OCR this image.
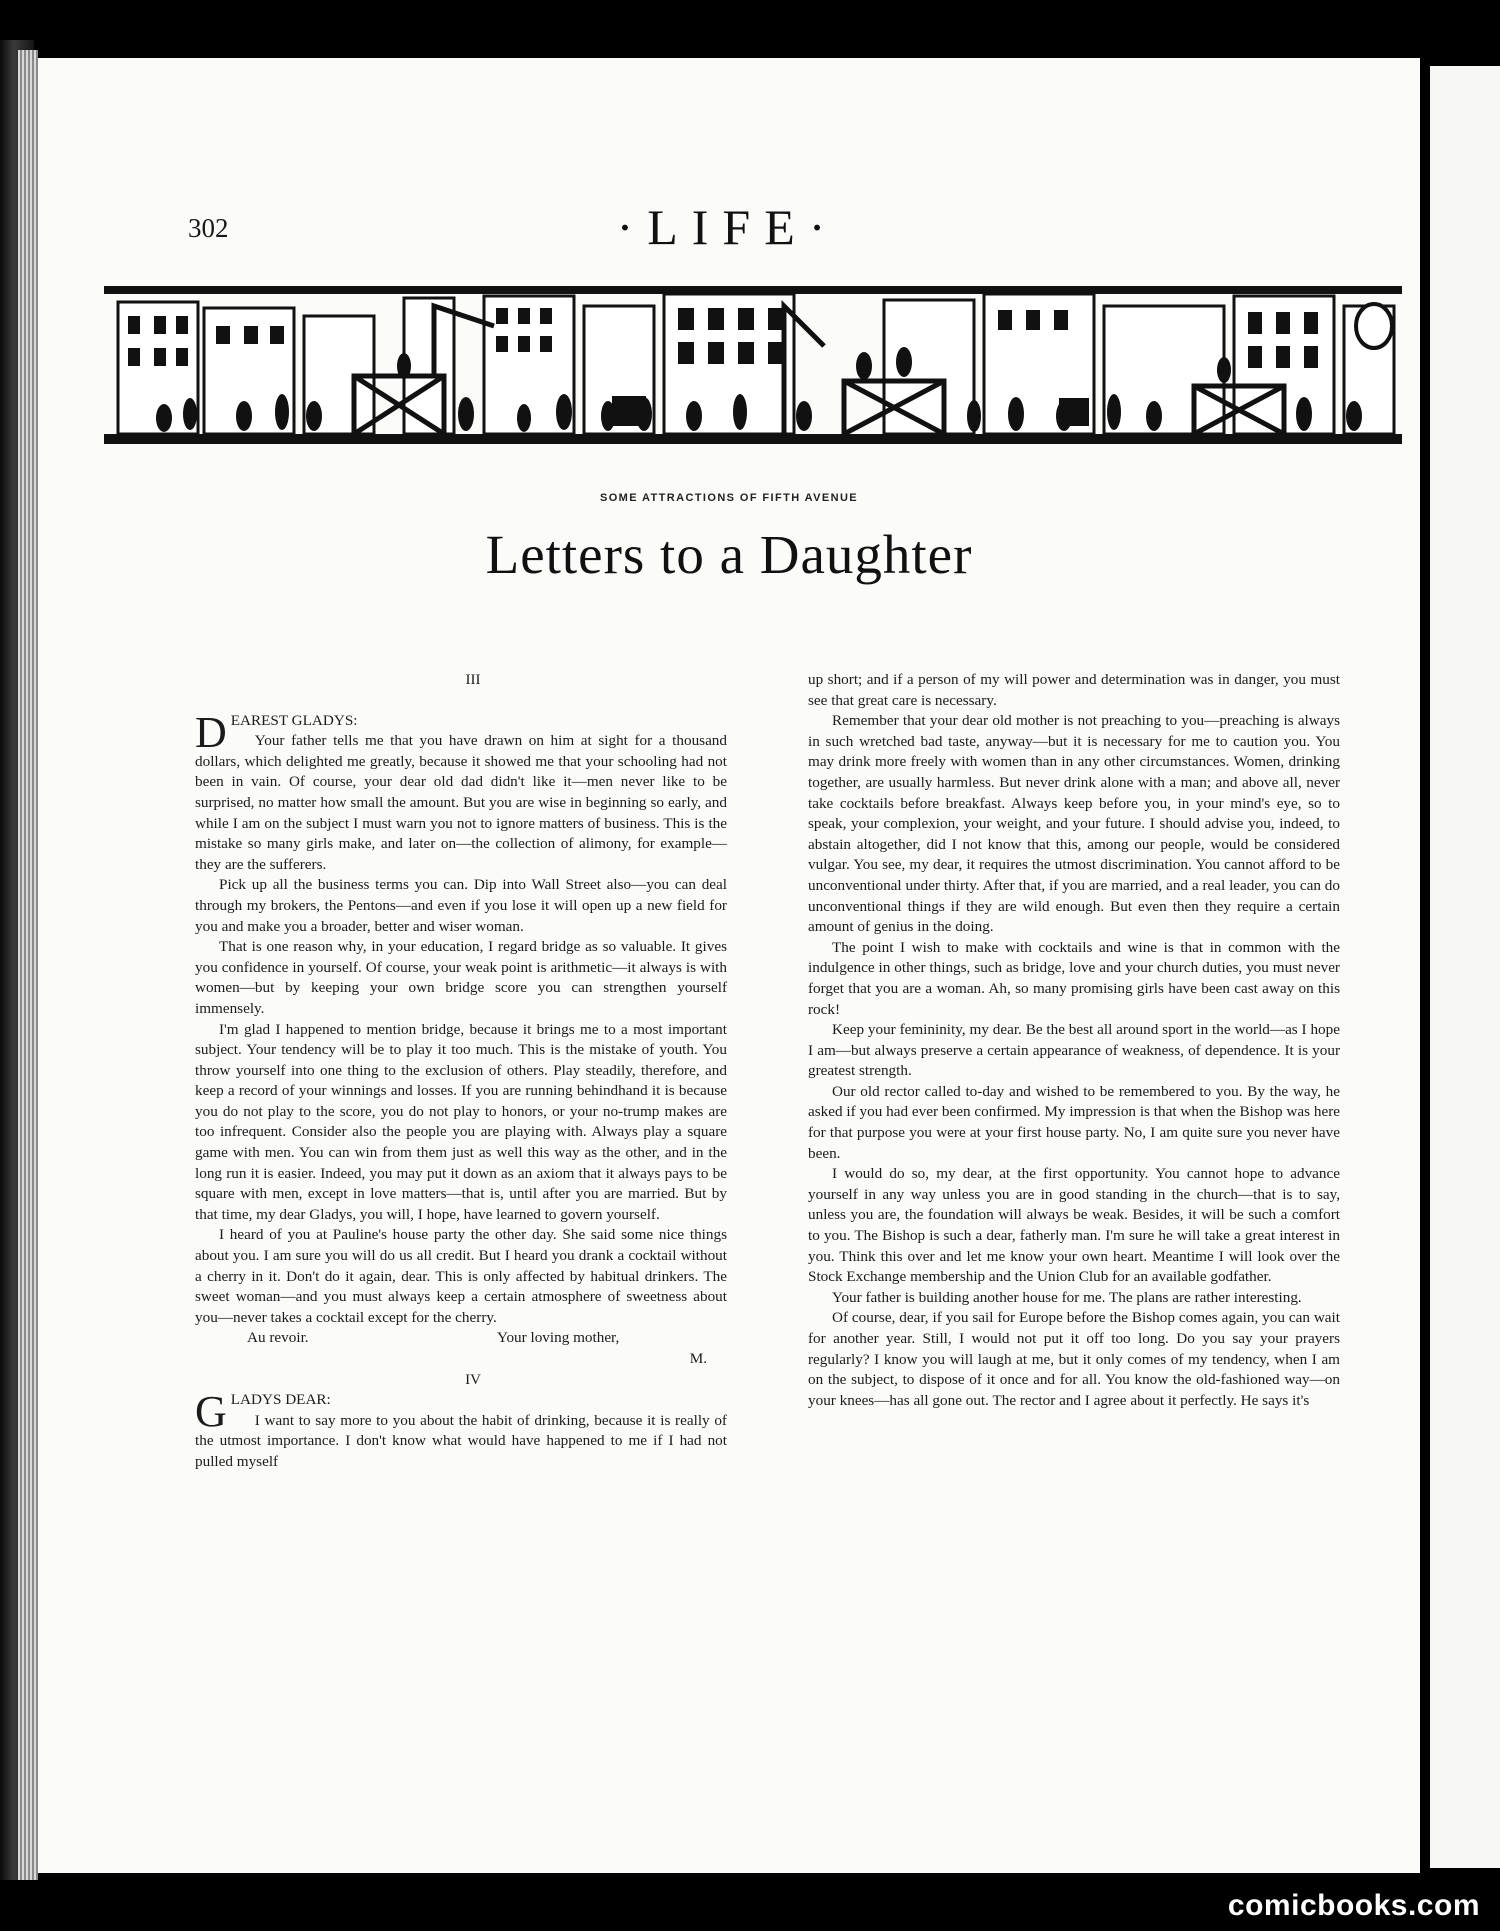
302	·LIFE·
SOME ATTRACTIONS OF FIFTH AVENUE
Letters to a Daughter

III

DEAREST GLADYS:

Your father tells me that you have drawn on him at sight for a thousand dollars, which delighted me greatly, because it showed me that your schooling had not been in vain. Of course, your dear old dad didn't like it—men never like to be surprised, no matter how small the amount. But you are wise in beginning so early, and while I am on the subject I must warn you not to ignore matters of business. This is the mistake so many girls make, and later on—the collection of alimony, for example—they are the sufferers.

Pick up all the business terms you can. Dip into Wall Street also—you can deal through my brokers, the Pentons—and even if you lose it will open up a new field for you and make you a broader, better and wiser woman.

That is one reason why, in your education, I regard bridge as so valuable. It gives you confidence in yourself. Of course, your weak point is arithmetic—it always is with women—but by keeping your own bridge score you can strengthen yourself immensely.

I'm glad I happened to mention bridge, because it brings me to a most important subject. Your tendency will be to play it too much. This is the mistake of youth. You throw yourself into one thing to the exclusion of others. Play steadily, therefore, and keep a record of your winnings and losses. If you are running behindhand it is because you do not play to the score, you do not play to honors, or your no-trump makes are too infrequent. Consider also the people you are playing with. Always play a square game with men. You can win from them just as well this way as the other, and in the long run it is easier. Indeed, you may put it down as an axiom that it always pays to be square with men, except in love matters—that is, until after you are married. But by that time, my dear Gladys, you will, I hope, have learned to govern yourself.

I heard of you at Pauline's house party the other day. She said some nice things about you. I am sure you will do us all credit. But I heard you drank a cocktail without a cherry in it. Don't do it again, dear. This is only affected by habitual drinkers. The sweet woman—and you must always keep a certain atmosphere of sweetness about you—never takes a cocktail except for the cherry.

Au revoir.	Your loving mother,

M.

IV

GLADYS DEAR:

I want to say more to you about the habit of drinking, because it is really of the utmost importance. I don't know what would have happened to me if I had not pulled myself

up short; and if a person of my will power and determination was in danger, you must see that great care is necessary.

Remember that your dear old mother is not preaching to you—preaching is always in such wretched bad taste, anyway—but it is necessary for me to caution you. You may drink more freely with women than in any other circumstances. Women, drinking together, are usually harmless. But never drink alone with a man; and above all, never take cocktails before breakfast. Always keep before you, in your mind's eye, so to speak, your complexion, your weight, and your future. I should advise you, indeed, to abstain altogether, did I not know that this, among our people, would be considered vulgar. You see, my dear, it requires the utmost discrimination. You cannot afford to be unconventional under thirty. After that, if you are married, and a real leader, you can do unconventional things if they are wild enough. But even then they require a certain amount of genius in the doing.

The point I wish to make with cocktails and wine is that in common with the indulgence in other things, such as bridge, love and your church duties, you must never forget that you are a woman. Ah, so many promising girls have been cast away on this rock!

Keep your femininity, my dear. Be the best all around sport in the world—as I hope I am—but always preserve a certain appearance of weakness, of dependence. It is your greatest strength.

Our old rector called to-day and wished to be remembered to you. By the way, he asked if you had ever been confirmed. My impression is that when the Bishop was here for that purpose you were at your first house party. No, I am quite sure you never have been.

I would do so, my dear, at the first opportunity. You cannot hope to advance yourself in any way unless you are in good standing in the church—that is to say, unless you are, the foundation will always be weak. Besides, it will be such a comfort to you. The Bishop is such a dear, fatherly man. I'm sure he will take a great interest in you. Think this over and let me know your own heart. Meantime I will look over the Stock Exchange membership and the Union Club for an available godfather.

Your father is building another house for me. The plans are rather interesting.

Of course, dear, if you sail for Europe before the Bishop comes again, you can wait for another year. Still, I would not put it off too long. Do you say your prayers regularly? I know you will laugh at me, but it only comes of my tendency, when I am on the subject, to dispose of it once and for all. You know the old-fashioned way—on your knees—has all gone out. The rector and I agree about it perfectly. He says it's

comicbooks.com
